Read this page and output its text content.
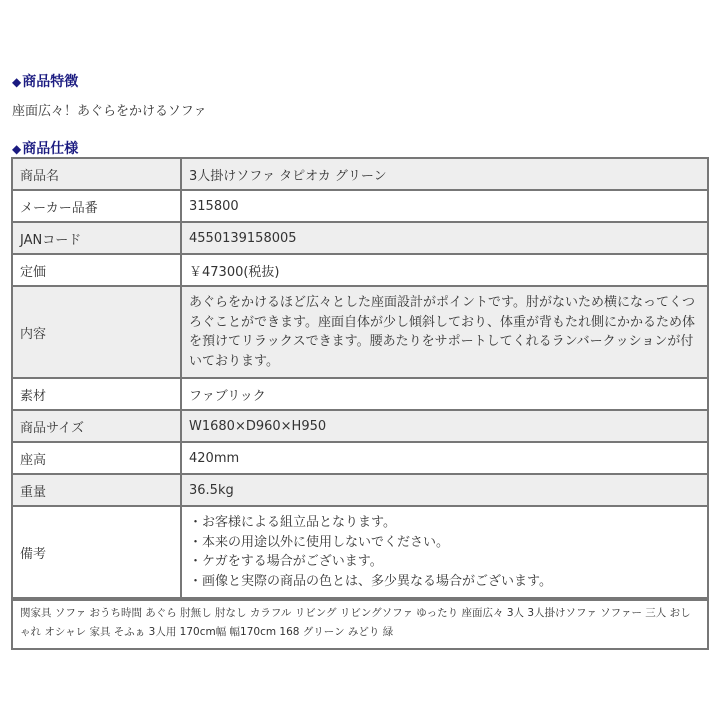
◆商品特徴
座面広々！あぐらをかけるソファ
◆商品仕様
商品名	3人掛けソファ タピオカ グリーン
メーカー品番	315800
JANコード	4550139158005
定価	￥47300(税抜)
内容	あぐらをかけるほど広々とした座面設計がポイントです。肘がないため横になってくつろぐことができます。座面自体が少し傾斜しており、体重が背もたれ側にかかるため体を預けてリラックスできます。腰あたりをサポートしてくれるランバークッションが付いております。
素材	ファブリック
商品サイズ	W1680×D960×H950
座高	420mm
重量	36.5kg
備考	・お客様による組立品となります。
・本来の用途以外に使用しないでください。
・ケガをする場合がございます。
・画像と実際の商品の色とは、多少異なる場合がございます。
関家具 ソファ おうち時間 あぐら 肘無し 肘なし カラフル リビング リビングソファ ゆったり 座面広々 3人 3人掛けソファ ソファー 三人 おしゃれ オシャレ 家具 そふぁ 3人用 170cm幅 幅170cm 168 グリーン みどり 緑
